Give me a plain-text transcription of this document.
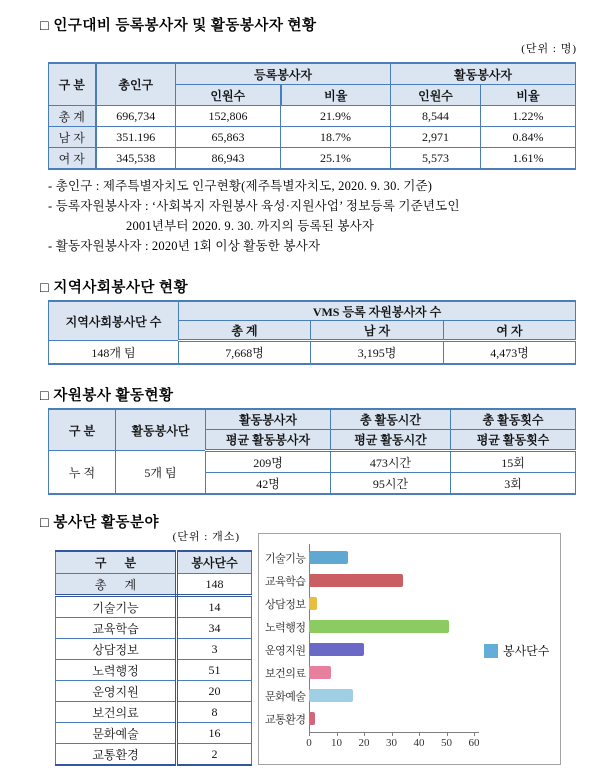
□ 인구대비 등록봉사자 및 활동봉사자 현황
(단위 : 명)
구 분	총인구	등록봉사자		활동봉사자	
		인원수	비율	인원수	비율
총 계	696,734	152,806	21.9%	8,544	1.22%
남 자	351.196	65,863	18.7%	2,971	0.84%
여 자	345,538	86,943	25.1%	5,573	1.61%
- 총인구 : 제주특별자치도 인구현황(제주특별자치도, 2020. 9. 30. 기준)
- 등록자원봉사자 : ‘사회복지 자원봉사 육성·지원사업’ 정보등록 기준년도인
2001년부터 2020. 9. 30. 까지의 등록된 봉사자
- 활동자원봉사자 : 2020년 1회 이상 활동한 봉사자
□ 지역사회봉사단 현황
지역사회봉사단 수	VMS 등록 자원봉사자 수		
	총 계	남 자	여 자
148개 팀	7,668명	3,195명	4,473명
□ 자원봉사 활동현황
구 분	활동봉사단	활동봉사자	총 활동시간	총 활동횟수
		평균 활동봉사자	평균 활동시간	평균 활동횟수
누 적	5개 팀	209명	473시간	15회
		42명	95시간	3회
□ 봉사단 활동분야
(단위 : 개소)
구      분	봉사단수
총      계	148
기술기능	14
교육학습	34
상담정보	3
노력행정	51
운영지원	20
보건의료	8
문화예술	16
교통환경	2
기술기능
교육학습
상담정보
노력행정
운영지원
보건의료
문화예술
교통환경
0 10 20 30 40 50 60
봉사단수
